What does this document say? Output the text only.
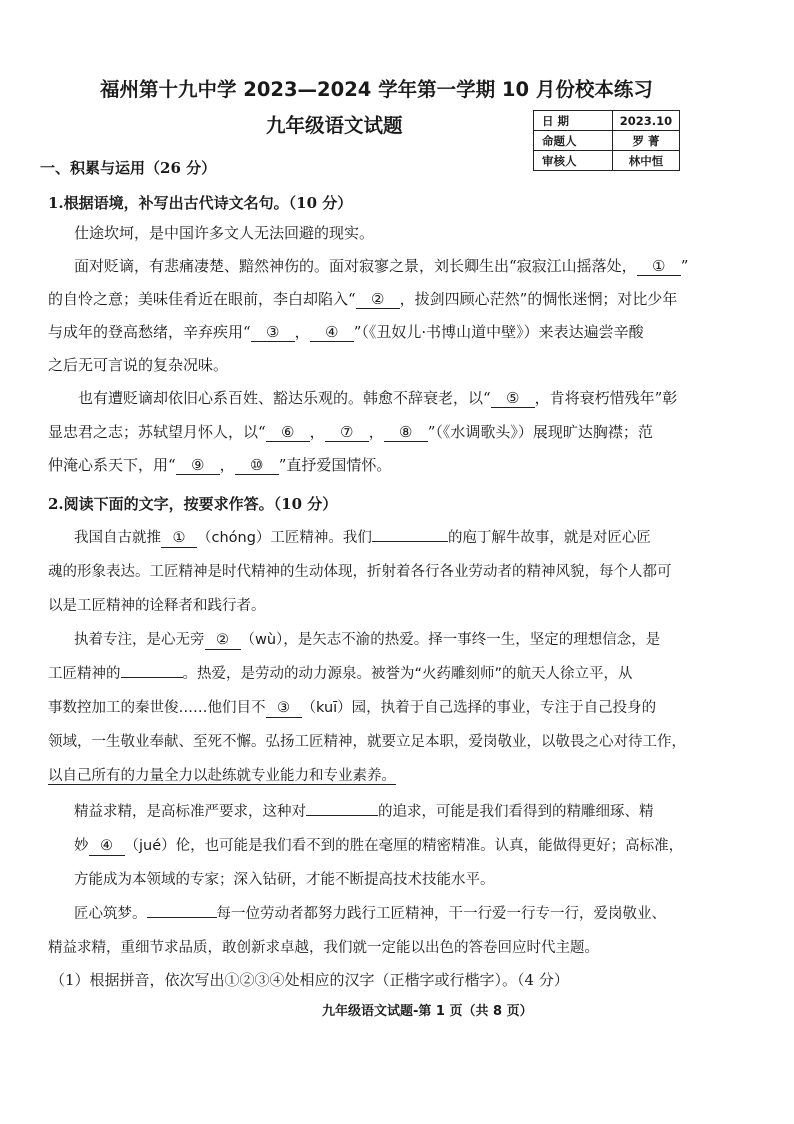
福州第十九中学 2023—2024 学年第一学期 10 月份校本练习
九年级语文试题	日 期	2023.10
命题人	罗 菁
审核人	林中恒
一、积累与运用（26 分）
1.根据语境，补写出古代诗文名句。（10 分）
仕途坎坷，是中国许多文人无法回避的现实。
面对贬谪，有悲痛凄楚、黯然神伤的。面对寂寥之景，刘长卿生出“寂寂江山摇落处， ① ”
的自怜之意；美味佳肴近在眼前，李白却陷入“ ② ，拔剑四顾心茫然”的惆怅迷惘；对比少年
与成年的登高愁绪，辛弃疾用“ ③ ， ④ ”（《丑奴儿·书博山道中壁》）来表达遍尝辛酸
之后无可言说的复杂况味。
也有遭贬谪却依旧心系百姓、豁达乐观的。韩愈不辞衰老，以“ ⑤ ，肯将衰朽惜残年”彰
显忠君之志；苏轼望月怀人，以“ ⑥ ， ⑦ ， ⑧ ”（《水调歌头》）展现旷达胸襟；范
仲淹心系天下，用“ ⑨ ， ⑩ ”直抒爱国情怀。
2.阅读下面的文字，按要求作答。（10 分）
我国自古就推 ① （chóng）工匠精神。我们	的庖丁解牛故事，就是对匠心匠
魂的形象表达。工匠精神是时代精神的生动体现，折射着各行各业劳动者的精神风貌，每个人都可
以是工匠精神的诠释者和践行者。
执着专注，是心无旁 ② （wù），是矢志不渝的热爱。择一事终一生，坚定的理想信念，是
工匠精神的	。热爱，是劳动的动力源泉。被誉为“火药雕刻师”的航天人徐立平，从
事数控加工的秦世俊……他们目不 ③ （kuī）园，执着于自己选择的事业，专注于自己投身的
领域，一生敬业奉献、至死不懈。弘扬工匠精神，就要立足本职，爱岗敬业，以敬畏之心对待工作，
以自己所有的力量全力以赴练就专业能力和专业素养。
精益求精，是高标准严要求，这种对	的追求，可能是我们看得到的精雕细琢、精
妙 ④ （jué）伦，也可能是我们看不到的胜在毫厘的精密精准。认真，能做得更好；高标准，
方能成为本领域的专家；深入钻研，才能不断提高技术技能水平。
匠心筑梦。	每一位劳动者都努力践行工匠精神，干一行爱一行专一行，爱岗敬业、
精益求精，重细节求品质，敢创新求卓越，我们就一定能以出色的答卷回应时代主题。
（1）根据拼音，依次写出①②③④处相应的汉字（正楷字或行楷字）。（4 分）
九年级语文试题-第 1 页（共 8 页）
